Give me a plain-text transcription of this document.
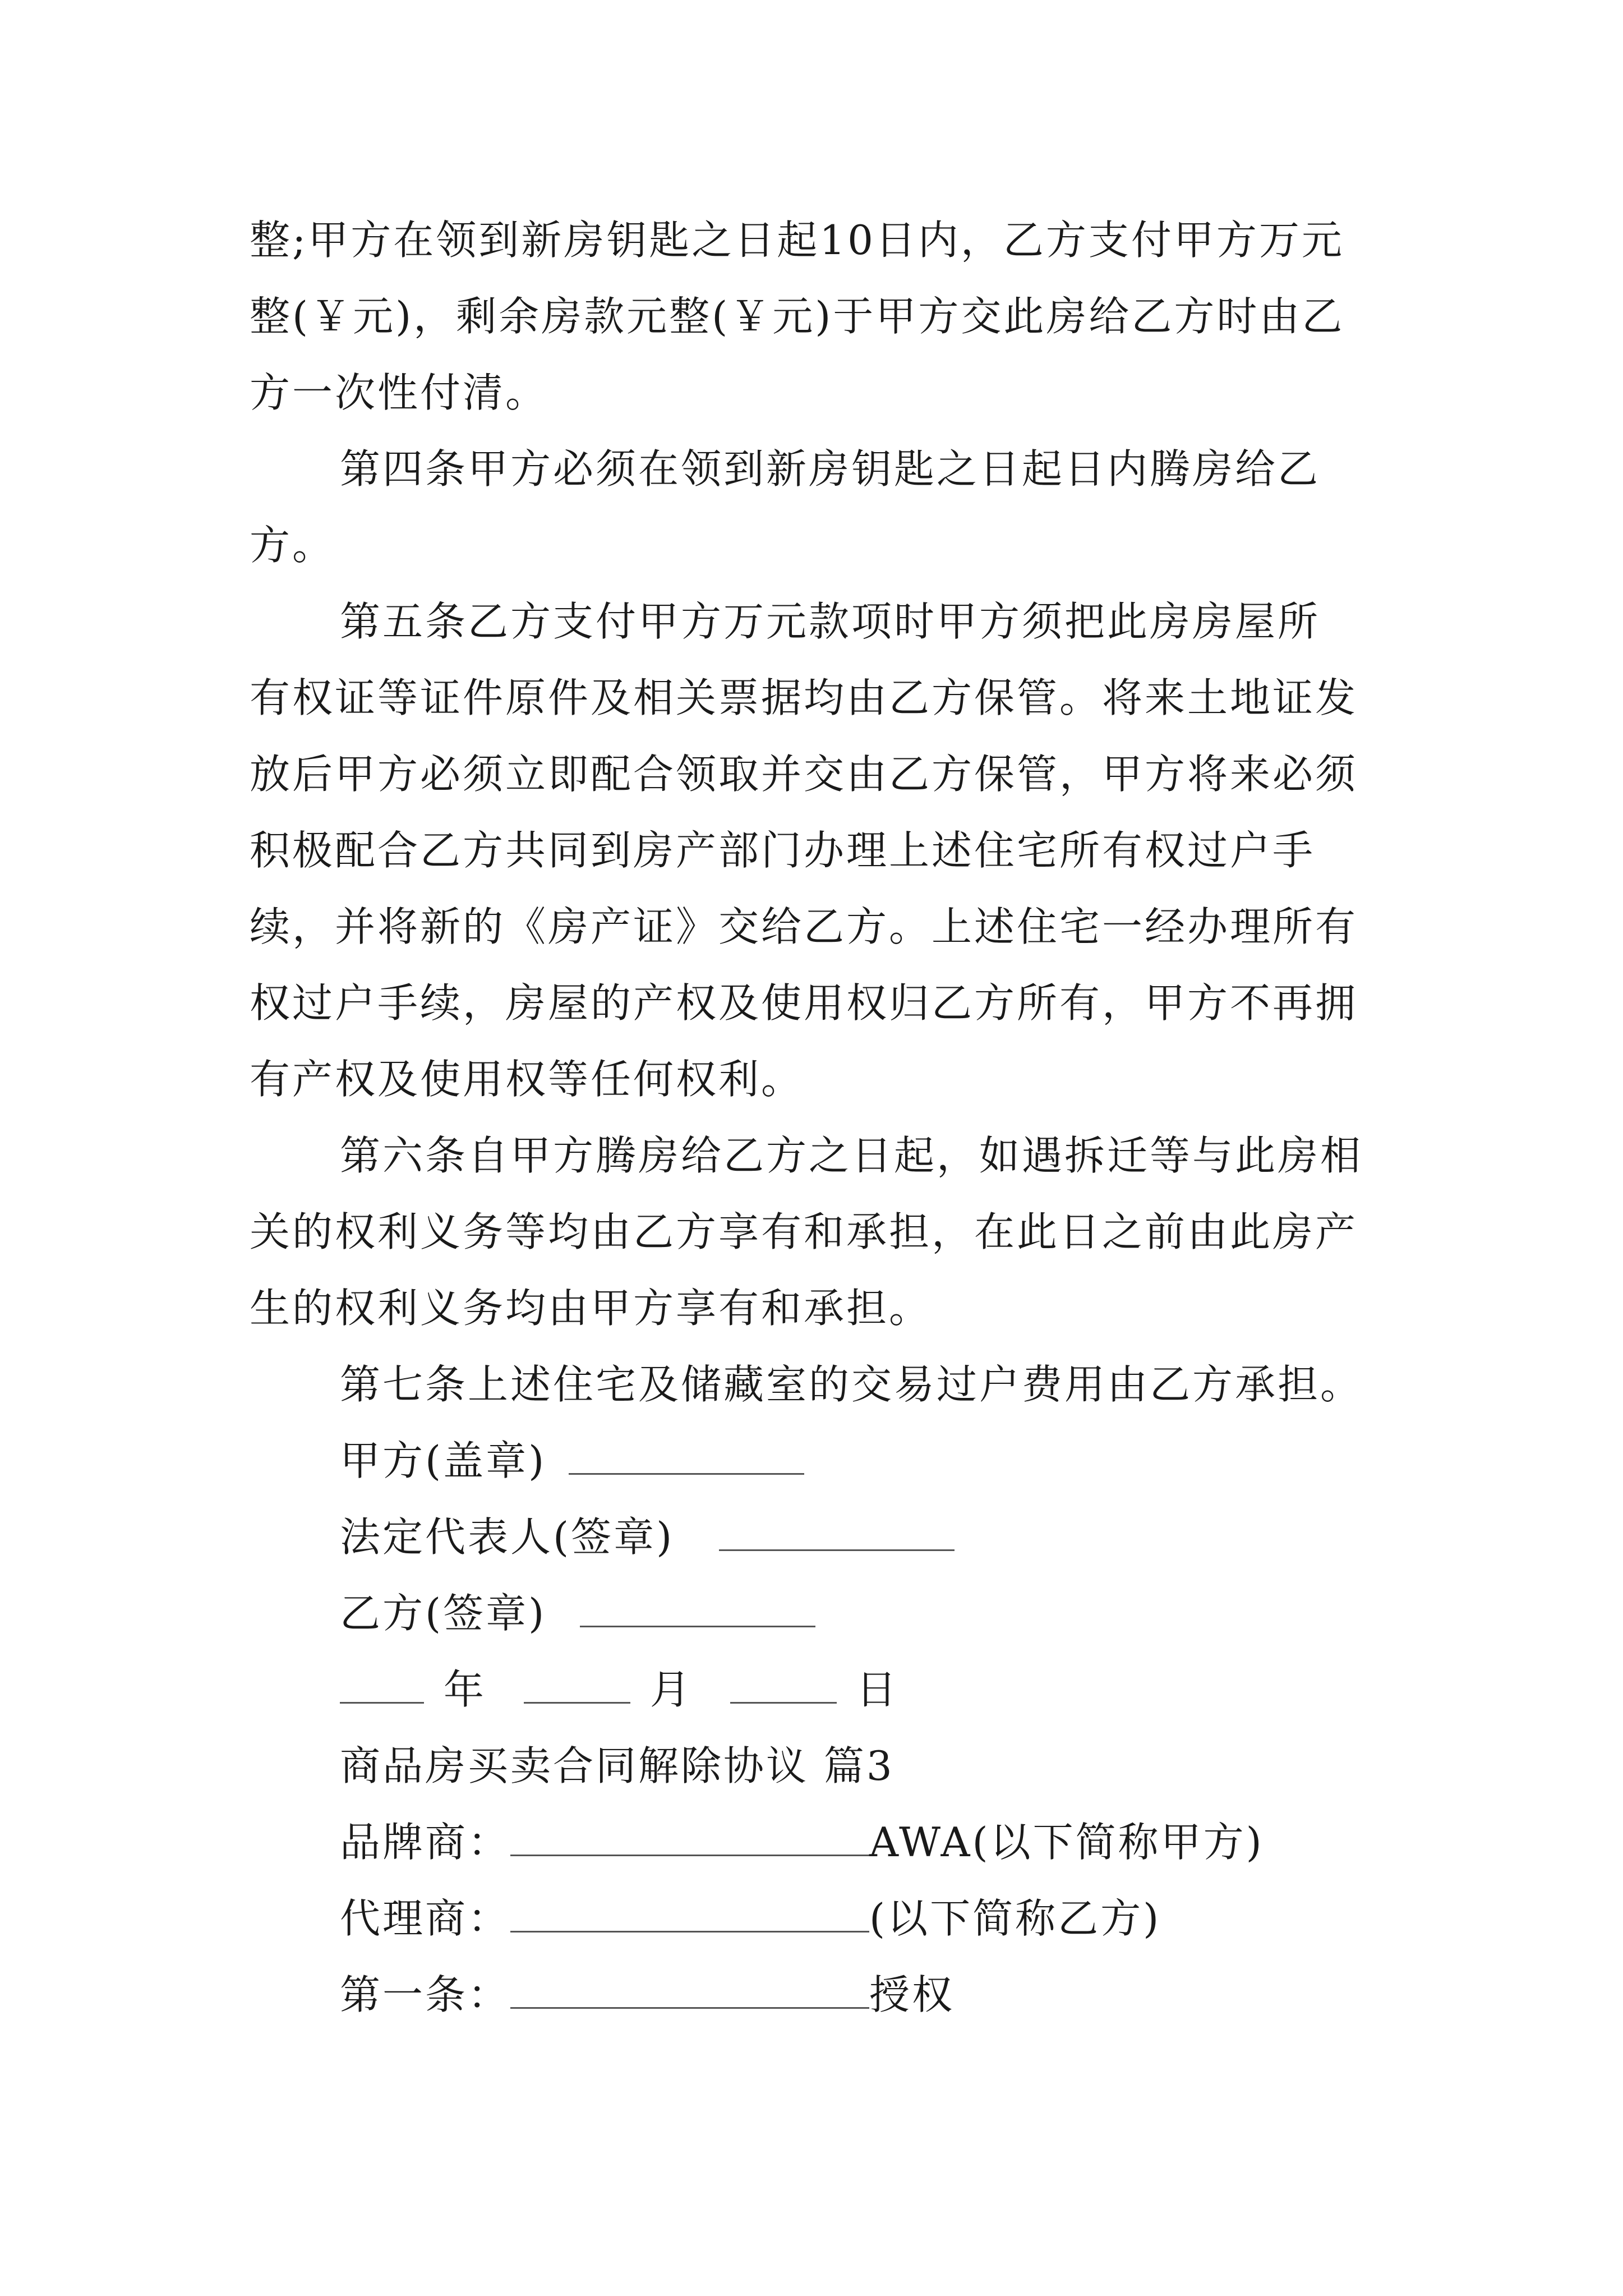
整;甲方在领到新房钥匙之日起10日内，乙方支付甲方万元
整(￥元)，剩余房款元整(￥元)于甲方交此房给乙方时由乙
方一次性付清。
第四条甲方必须在领到新房钥匙之日起日内腾房给乙
方。
第五条乙方支付甲方万元款项时甲方须把此房房屋所
有权证等证件原件及相关票据均由乙方保管。将来土地证发
放后甲方必须立即配合领取并交由乙方保管，甲方将来必须
积极配合乙方共同到房产部门办理上述住宅所有权过户手
续，并将新的《房产证》交给乙方。上述住宅一经办理所有
权过户手续，房屋的产权及使用权归乙方所有，甲方不再拥
有产权及使用权等任何权利。
第六条自甲方腾房给乙方之日起，如遇拆迁等与此房相
关的权利义务等均由乙方享有和承担，在此日之前由此房产
生的权利义务均由甲方享有和承担。
第七条上述住宅及储藏室的交易过户费用由乙方承担。
甲方(盖章)
法定代表人(签章)
乙方(签章)
年	月	日
商品房买卖合同解除协议 篇3
品牌商：	AWA(以下简称甲方)
代理商：	(以下简称乙方)
第一条：	授权
